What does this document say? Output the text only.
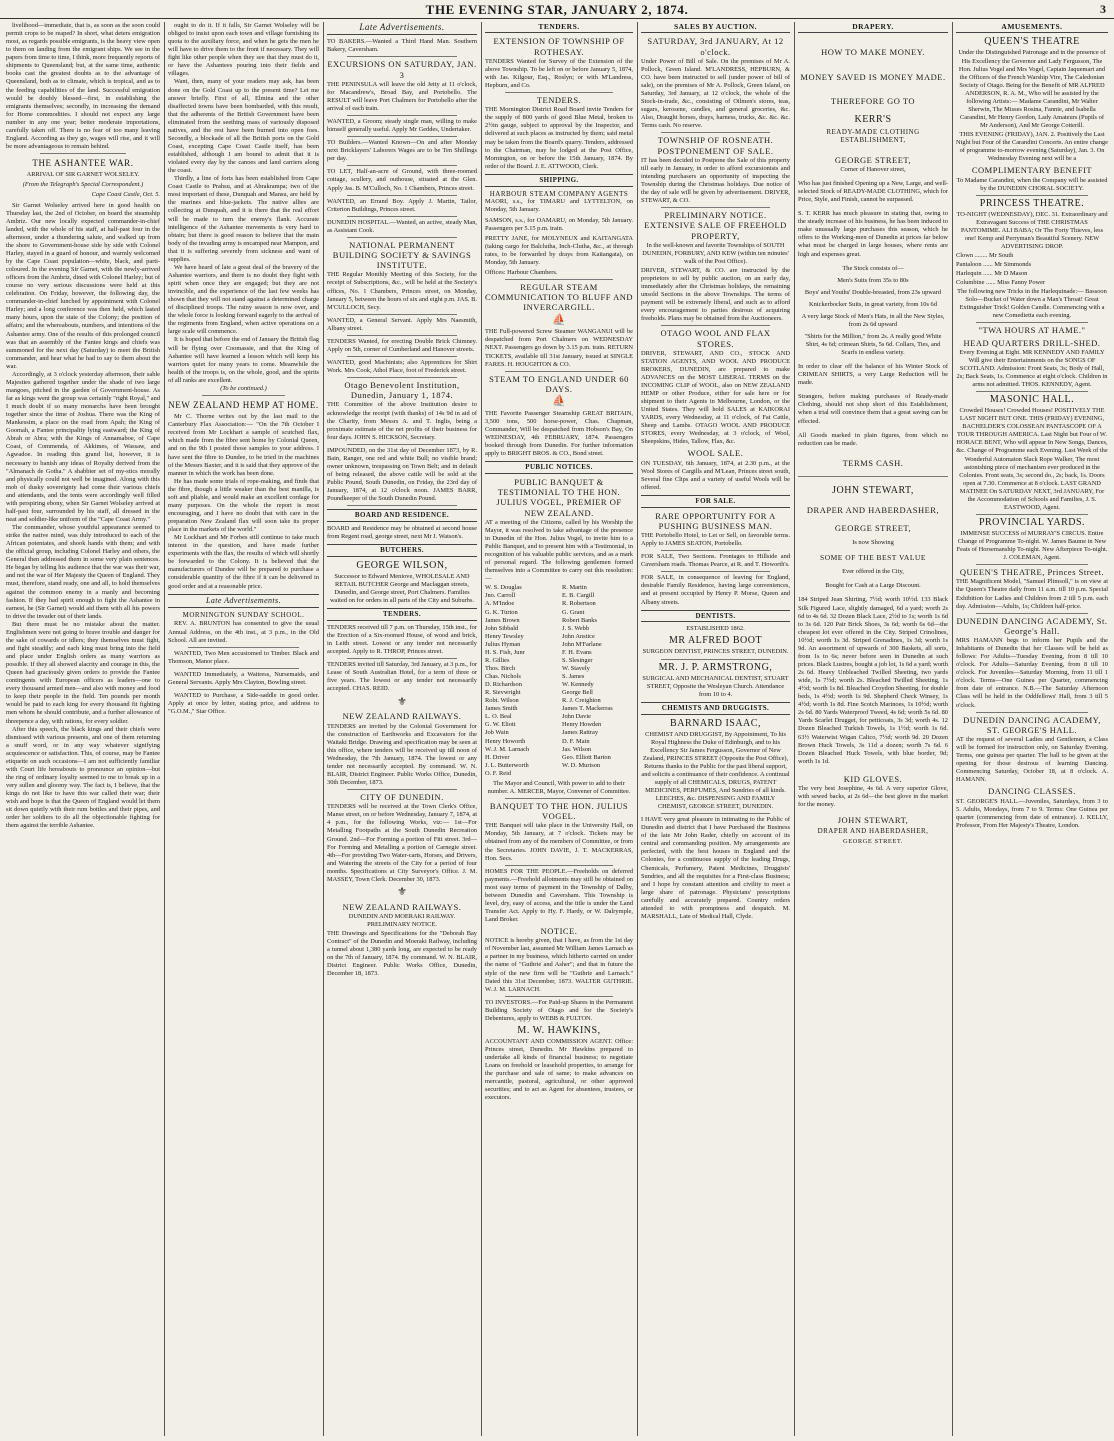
THE EVENING STAR, JANUARY 2, 1874.	3

livelihood—immediate, that is, as soon as the soon could permit crops to be reaped? In short, what deters emigration most, as regards possible emigrants, is the heavy view open to them on landing from the emigrant ships. We see in the papers from time to time, I think, more frequently reports of shipments to Queensland; but, at the same time, authentic books cast the greatest doubts as to the advantage of Queensland, both as to climate, which is tropical, and as to the feeding capabilities of the land. Successful emigration would be doubly blessed—first, in establishing the emigrants themselves; secondly, in increasing the demand for Home commodities. I should not expect any large number in any one year; better moderate importations, carefully taken off. There is no fear of too many leaving England. According as they go, wages will rise, and it will be more advantageous to remain behind.

THE ASHANTEE WAR.

ARRIVAL OF SIR GARNET WOLSELEY.

(From the Telegraph's Special Correspondent.)

Cape Coast Castle, Oct. 5.

Sir Garnet Wolseley arrived here in good health on Thursday last, the 2nd of October, on board the steamship Ambriz. Our new locally expected commander-in-chief landed, with the whole of his staff, at half-past four in the afternoon, under a thundering salute, and walked up from the shore to Government-house side by side with Colonel Harley, stayed in a guard of honour, and warmly welcomed by the Cape Coast population—white, black, and parti-coloured. In the evening Sir Garnet, with the newly-arrived officers from the Ambriz, dined with Colonel Harley; but of course no very serious discussions were held at this celebration. On Friday, however, the following day, the commander-in-chief lunched by appointment with Colonel Harley; and a long conference was then held, which lasted many hours, upon the state of the Colony; the position of affairs; and the whereabouts, numbers, and intentions of the Ashantee army. One of the results of this prolonged council was that an assembly of the Fantee kings and chiefs was summoned for the next day (Saturday) to meet the British commander, and hear what he had to say to them about the war.

Accordingly, at 3 o'clock yesterday afternoon, their sable Majesties gathered together under the shade of two large mangoes, pitched in the garden of Government-house. As far as kings went the group was certainly "right Royal," and I much doubt if so many monarchs have been brought together since the time of Joshua. There was the King of Mankessim, a place on the road from Apah; the King of Goomah, a Fantee principality lying eastward; the King of Abrah or Abra; with the Kings of Annamaboe, of Cape Coast, of Commenda, of Akkimes, of Wassaw, and Agwadoe. In reading this grand list, however, it is necessary to banish any ideas of Royalty derived from the "Almanach de Gotha." A shabbier set of my-stics morally and physically could not well be imagined. Along with this mob of dusky sovereignty had come their various chiefs and attendants, and the tents were accordingly well filled with perspiring ebony, when Sir Garnet Wolseley arrived at half-past four, surrounded by his staff, all dressed in the neat and soldier-like uniform of the "Cape Coast Army."

The commander, whose youthful appearance seemed to strike the native mind, was duly introduced to each of the African potentates, and shook hands with them; and with the official group, including Colonel Harley and others, the General then addressed them in some very plain sentences. He began by telling his audience that the war was their war, and not the war of Her Majesty the Queen of England. They must, therefore, stand ready, one and all, to hold themselves against the common enemy in a manly and becoming fashion. If they had spirit enough to fight the Ashantee in earnest, he (Sir Garnet) would aid them with all his powers to drive the invader out of their lands.

But there must be no mistake about the matter. Englishmen were not going to brave trouble and danger for the sake of cowards or idlers; they themselves must fight, and fight steadily; and each king must bring into the field and place under English orders as many warriors as possible. If they all showed alacrity and courage in this, the Queen had graciously given orders to provide the Fantee contingents with European officers as leaders—one to every thousand armed men—and also with money and food to keep their people in the field. Ten pounds per month would be paid to each king for every thousand fit fighting men whom he should contribute, and a further allowance of threepence a day, with rations, for every soldier.

After this speech, the black kings and their chiefs were dismissed with various presents, and one of them returning a snuff word, or in any way whatever signifying acquiescence or satisfaction. This, of course, may be Fantee etiquette on such occasions—I am not sufficiently familiar with Court life hereabouts to pronounce an opinion—but the ring of ordinary loyalty seemed to me to break up in a very sullen and gloomy way. The fact is, I believe, that the kings do not like to have this war called their war; their wish and hope is that the Queen of England would let them sit down quietly with their rum bottles and their pipes, and order her soldiers to do all the objectionable fighting for them against the terrible Ashantee.

ought to do it. If it falls, Sir Garnet Wolseley will be obliged to insist upon each town and village furnishing its quota to the auxiliary force, and when he gets the men he will have to drive them to the front if necessary. They will fight like other people when they see that they must do it, or have the Ashantees pouring into their fields and villages.

Want, then, many of your readers may ask, has been done on the Gold Coast up to the present time? Let me answer briefly. First of all, Elmina and the other disaffected towns have been bombarded, with this result, that the adherents of the British Government have been eliminated from the seething mass of variously disposed natives, and the rest have been burned into open foes. Secondly, a blockade of all the British ports on the Gold Coast, excepting Cape Coast Castle itself, has been established, although I am bound to admit that it is violated every day by the canoes and land carriers along the coast.

Thirdly, a line of forts has been established from Cape Coast Castle to Prahsu, and at Abrakrampa; two of the most important of these, Dunquah and Mansu, are held by the marines and blue-jackets. The native allies are collecting at Dunquah, and it is there that the real effort will be made to turn the enemy's flank. Accurate intelligence of the Ashantee movements is very hard to obtain; but there is good reason to believe that the main body of the invading army is encamped near Mampon, and that it is suffering severely from sickness and want of supplies.

We have heard of late a great deal of the bravery of the Ashantee warriors, and there is no doubt they fight with spirit when once they are engaged; but they are not invincible, and the experience of the last few weeks has shown that they will not stand against a determined charge of disciplined troops. The rainy season is now over, and the whole force is looking forward eagerly to the arrival of the regiments from England, when active operations on a large scale will commence.

It is hoped that before the end of January the British flag will be flying over Coomassie, and that the King of Ashantee will have learned a lesson which will keep his warriors quiet for many years to come. Meanwhile the health of the troops is, on the whole, good, and the spirits of all ranks are excellent.

(To be continued.)

NEW ZEALAND HEMP AT HOME.

Mr C. Thorne writes out by the last mail to the Canterbury Flax Association:— "On the 7th October I received from Mr Lockhart a sample of scutched flax, which made from the fibre sent home by Colonial Queen, and on the 9th I posted those samples to your address. I have sent the fibre to Dundee, to be tried in the machines of the Messrs Baxter, and it is said that they approve of the manner in which the work has been done.

He has made some trials of rope-making, and finds that the fibre, though a little weaker than the best manilla, is soft and pliable, and would make an excellent cordage for many purposes. On the whole the report is most encouraging, and I have no doubt that with care in the preparation New Zealand flax will soon take its proper place in the markets of the world."

Mr Lockhart and Mr Forbes still continue to take much interest in the question, and have made further experiments with the flax, the results of which will shortly be forwarded to the Colony. It is believed that the manufacturers of Dundee will be prepared to purchase a considerable quantity of the fibre if it can be delivered in good order and at a reasonable price.

Late Advertisements.
MORNINGTON SUNDAY SCHOOL.

REV. A. BRUNTON has consented to give the usual Annual Address, on the 4th inst., at 3 p.m., in the Old School. All are invited.

WANTED, Two Men accustomed to Timber. Black and Thomson, Manor place.

WANTED Immediately, a Waitress, Nursemaids, and General Servants. Apply Mrs Clayton, Bowling street.

WANTED to Purchase, a Side-saddle in good order. Apply at once by letter, stating price, and address to "G.O.M.," Star Office.

Late Advertisements.

TO BAKERS.—Wanted a Third Hand Man. Southern Bakery, Caversham.

EXCURSIONS ON SATURDAY, JAN. 3

THE PENINSULA will leave the old Jetty at 11 o'clock, for Macandrew's, Broad Bay, and Portobello. The RESULT will leave Port Chalmers for Portobello after the arrival of each train.

WANTED, a Groom; steady single man, willing to make himself generally useful. Apply Mr Geddes, Undertaker.

TO Builders.—Wanted Known—On and after Monday next Bricklayers' Laborers Wages are to be Ten Shillings per day.

TO LET, Half-an-acre of Ground, with three-roomed cottage, scullery, and outhouse, situated at the Glen. Apply Jas. B. M'Culloch, No. 1 Chambers, Princes street.

WANTED, an Errand Boy. Apply J. Martin, Tailor, Criterion Buildings, Princes street.

DUNEDIN HOSPITAL.—Wanted, an active, steady Man, as Assistant Cook.

NATIONAL PERMANENT BUILDING SOCIETY & SAVINGS INSTITUTE.

THE Regular Monthly Meeting of this Society, for the receipt of Subscriptions, &c., will be held at the Society's offices, No. 1 Chambers, Princes street, on Monday, January 5, between the hours of six and eight p.m. JAS. B. M'CULLOCH, Secy.

WANTED, a General Servant. Apply Mrs Naesmith, Albany street.

TENDERS Wanted, for erecting Double Brick Chimney. Apply on 5th, corner of Cumberland and Hanover streets.

WANTED, good Machinists; also Apprentices for Shirt Work. Mrs Cook, Athol Place, foot of Frederick street.

Otago Benevolent Institution, Dunedin, January 1, 1874.

THE Committee of the above Institution desire to acknowledge the receipt (with thanks) of 14s 9d in aid of the Charity, from Messrs A. and T. Inglis, being a proximate estimate of the net profits of their business for four days. JOHN S. HICKSON, Secretary.

IMPOUNDED, on the 31st day of December 1873, by R. Bain, Ranger, one red and white Bull; no visible brand; owner unknown, trespassing on Town Belt; and in default of being released, the above cattle will be sold at the Public Pound, South Dunedin, on Friday, the 23rd day of January, 1874, at 12 o'clock noon. JAMES BARR, Poundkeeper of the South Dunedin Pound.

BOARD AND RESIDENCE.

BOARD and Residence may be obtained at second house from Regent road, george street, next Mr J. Watson's.

BUTCHERS.
GEORGE WILSON,

Successor to Edward Meniove, WHOLESALE AND RETAIL BUTCHER George and Maclaggan streets, Dunedin, and George street, Port Chalmers. Families waited on for orders in all parts of the City and Suburbs.

TENDERS.

TENDERS received till 7 p.m. on Thursday, 15th inst., for the Erection of a Six-roomed House, of wood and brick, in Leith street. Lowest or any tender not necessarily accepted. Apply to R. THROP, Princes street.

TENDERS invited till Saturday, 3rd January, at 3 p.m., for Lease of South Australian Hotel, for a term of three or five years. The lowest or any tender not necessarily accepted. CHAS. REID.

⚜
NEW ZEALAND RAILWAYS.

TENDERS are invited by the Colonial Government for the construction of Earthworks and Excavators for the Waitaki Bridge. Drawing and specification may be seen at this office, where tenders will be received up till noon of Wednesday, the 7th January, 1874. The lowest or any tender not necessarily accepted. By command. W. N. BLAIR, District Engineer. Public Works Office, Dunedin, 30th December, 1873.

CITY OF DUNEDIN.

TENDERS will be received at the Town Clerk's Office, Manse street, on or before Wednesday, January 7, 1874, at 4 p.m., for the following Works, viz:— 1st—For Metalling Footpaths at the South Dunedin Recreation Ground. 2nd—For Forming a portion of Fitt street. 3rd—For Forming and Metalling a portion of Carnegie street. 4th—For providing Two Water-carts, Horses, and Drivers, and Watering the streets of the City for a period of four months. Specifications at City Surveyor's Office. J. M. MASSEY, Town Clerk. December 30, 1873.

⚜
NEW ZEALAND RAILWAYS.

DUNEDIN AND MOERAKI RAILWAY. PRELIMINARY NOTICE.

THE Drawings and Specifications for the "Deborah Bay Contract" of the Dunedin and Moeraki Railway, including a tunnel about 1,380 yards long, are expected to be ready on the 7th of January, 1874. By command. W. N. BLAIR, District Engineer. Public Works Office, Dunedin, December 18, 1873.

TENDERS.
EXTENSION OF TOWNSHIP OF ROTHESAY.

TENDERS Wanted for Survey of the Extension of the above Township. To be left on or before January 5, 1874, with Jas. Kilgour, Esq., Roslyn; or with M'Landress, Hepburn, and Co.

TENDERS.

THE Mornington District Road Board invite Tenders for the supply of 800 yards of good Blue Metal, broken to 2½in gauge, subject to approval by the Inspector, and delivered at such places as instructed by them; said metal may be taken from the Board's quarry. Tenders, addressed to the Chairman, may be lodged at the Post Office, Mornington, on or before the 15th January, 1874. By order of the Board. J. E. ATTWOOD, Clerk.

SHIPPING.
HARBOUR STEAM COMPANY AGENTS

MAORI, s.s., for TIMARU and LYTTELTON, on Monday, 5th January.

SAMSON, s.s., for OAMARU, on Monday, 5th January. Passengers per 5.15 p.m. train.

PRETTY JANE, for MOLYNEUX and KAITANGATA (taking cargo for Balclutha, Inch-Clutha, &c., at through rates, to be forwarded by drays from Kaitangata), on Monday, 5th January.

Offices: Harbour Chambers.

REGULAR STEAM COMMUNICATION TO BLUFF AND INVERCARGILL.
⛵

THE Full-powered Screw Steamer WANGANUI will be despatched from Port Chalmers on WEDNESDAY NEXT. Passengers go down by 3.15 p.m. train. RETURN TICKETS, available till 31st January, issued at SINGLE FARES. H. HOUGHTON & CO.

STEAM TO ENGLAND UNDER 60 DAYS.
⛵

THE Favorite Passenger Steamship GREAT BRITAIN, 3,500 tons, 500 horse-power, Chas. Chapman, Commander, Will be despatched from Hobson's Bay, On WEDNESDAY, 4th FEBRUARY, 1874. Passengers booked through from Dunedin. For further information apply to BRIGHT BROS. & CO., Bond street.

PUBLIC NOTICES.
PUBLIC BANQUET & TESTIMONIAL TO THE HON. JULIUS VOGEL, PREMIER OF NEW ZEALAND.

AT a meeting of the Citizens, called by his Worship the Mayor, it was resolved to take advantage of the presence in Dunedin of the Hon. Julius Vogel, to invite him to a Public Banquet, and to present him with a Testimonial, in recognition of his valuable public services, and as a mark of personal regard. The following gentlemen formed themselves into a Committee to carry out this resolution:—

W. S. Douglas
Jno. Carroll
A. M'Indoe
G. K. Turton
James Brown
John Sibbald
Henry Tewsley
Julius Hyman
H. S. Fish, Junr
R. Gillies
Thos. Birch
Chas. Nichols
D. Richardson
R. Sievwright
Robt. Wilson
James Smith
L. O. Beal
G. W. Eliott
Job Wain
Henry Howorth
W. J. M. Larnach
H. Driver
J. L. Butterworth
O. F. Reid
R. Martin
E. B. Cargill
R. Robertson
G. Grant
Robert Banks
J. S. Webb
John Anstice
John M'Farlane
F. H. Evans
S. Slesinger
W. Stavely
S. James
W. Kennedy
George Bell
R. J. Creighton
James T. Mackerras
John Davie
Henry Howden
James Rattray
D. F. Main
Jas. Wilson
Geo. Elliott Barton
W. D. Murison

The Mayor and Council, With power to add to their number. A. MERCER, Mayor, Convener of Committee.

BANQUET TO THE HON. JULIUS VOGEL.

THE Banquet will take place in the University Hall, on Monday, 5th January, at 7 o'clock. Tickets may be obtained from any of the members of Committee, or from the Secretaries. JOHN DAVIE, J. T. MACKERRAS, Hon. Secs.

HOMES FOR THE PEOPLE.—Freeholds on deferred payments.—Freehold allotments may still be obtained on most easy terms of payment in the Township of Dalby, between Dunedin and Caversham. This Township is level, dry, easy of access, and the title is under the Land Transfer Act. Apply to Hy. F. Hardy, or W. Dalrymple, Land Broker.

NOTICE.

NOTICE is hereby given, that I have, as from the 1st day of November last, assumed Mr William James Larnach as a partner in my business, which hitherto carried on under the name of "Guthrie and Asher"; and that in future the style of the new firm will be "Guthrie and Larnach." Dated this 31st December, 1873. WALTER GUTHRIE. W. J. M. LARNACH.

TO INVESTORS.—For Paid-up Shares in the Permanent Building Society of Otago and for the Society's Debentures, apply to WEBB & FULTON.

M. W. HAWKINS,

ACCOUNTANT AND COMMISSION AGENT. Office: Princes street, Dunedin. Mr Hawkins prepared to undertake all kinds of financial business; to negotiate Loans on freehold or leasehold properties, to arrange for the purchase and sale of same; to make advances on mercantile, pastoral, agricultural, or other approved securities; and to act as Agent for absentees, trustees, or executors.

SALES BY AUCTION.
SATURDAY, 3rd JANUARY, At 12 o'clock.

Under Power of Bill of Sale. On the premises of Mr A. Pollock, Green Island. M'LANDRESS, HEPBURN, & CO. have been instructed to sell (under power of bill of sale), on the premises of Mr A. Pollock, Green Island, on Saturday, 3rd January, at 12 o'clock, the whole of the Stock-in-trade, &c., consisting of Oilmen's stores, teas, sugars, kerosene, candles, and general groceries, &c. Also, Draught horses, drays, harness, trucks, &c. &c. &c. Terms cash. No reserve.

TOWNSHIP OF ROSNEATH. POSTPONEMENT OF SALE.

IT has been decided to Postpone the Sale of this property till early in January, in order to afford excursionists and intending purchasers an opportunity of inspecting the Township during the Christmas holidays. Due notice of the day of sale will be given by advertisement. DRIVER, STEWART, & CO.

PRELIMINARY NOTICE. EXTENSIVE SALE OF FREEHOLD PROPERTY,

In the well-known and favorite Townships of SOUTH DUNEDIN, FORBURY, AND KEW (within ten minutes' walk of the Post Office).

DRIVER, STEWART, & CO. are instructed by the proprietors to sell by public auction, on an early day, immediately after the Christmas holidays, the remaining unsold Sections in the above Townships. The terms of payment will be extremely liberal, and such as to afford every encouragement to parties desirous of acquiring freeholds. Plans may be obtained from the Auctioneers.

OTAGO WOOL AND FLAX STORES.

DRIVER, STEWART, AND CO., STOCK AND STATION AGENTS, AND WOOL AND PRODUCE BROKERS, DUNEDIN, are prepared to make ADVANCES on the MOST LIBERAL TERMS on the INCOMING CLIP of WOOL, also on NEW ZEALAND HEMP or other Produce, either for sale here or for shipment to their Agents in Melbourne, London, or the United States. They will hold SALES at KAIKORAI YARDS, every Wednesday, at 11 o'clock, of Fat Cattle, Sheep and Lambs. OTAGO WOOL AND PRODUCE STORES, every Wednesday, at 3 o'clock, of Wool, Sheepskins, Hides, Tallow, Flax, &c.

WOOL SALE.

ON TUESDAY, 6th January, 1874, at 2.30 p.m., at the Wool Stores of Cargills and M'Lean, Princes street south, Several fine Clips and a variety of useful Wools will be offered.

FOR SALE.
RARE OPPORTUNITY FOR A PUSHING BUSINESS MAN.

THE Portobello Hotel, to Let or Sell, on favorable terms. Apply to JAMES SEATON, Portobello.

FOR SALE, Two Sections. Frontages to Hillside and Caversham roads. Thomas Pearce, at R. and T. Howorth's.

FOR SALE, in consequence of leaving for England, desirable Family Residence, having large conveniences, and at present occupied by Henry P. Morse, Queen and Albany streets.

DENTISTS.

ESTABLISHED 1862.

MR ALFRED BOOT

SURGEON DENTIST, PRINCES STREET, DUNEDIN.

MR. J. P. ARMSTRONG,

SURGICAL AND MECHANICAL DENTIST, STUART STREET, Opposite the Wesleyan Church. Attendance from 10 to 4.

CHEMISTS AND DRUGGISTS.
BARNARD ISAAC,

CHEMIST AND DRUGGIST, By Appointment, To his Royal Highness the Duke of Edinburgh, and to his Excellency Sir James Fergusson, Governor of New Zealand, PRINCES STREET (Opposite the Post Office), Returns thanks to the Public for the past liberal support, and solicits a continuance of their confidence. A continual supply of all CHEMICALS, DRUGS, PATENT MEDICINES, PERFUMES, And Sundries of all kinds. LEECHES, &c. DISPENSING AND FAMILY CHEMIST, GEORGE STREET, DUNEDIN.

I HAVE very great pleasure in intimating to the Public of Dunedin and district that I have Purchased the Business of the late Mr John Rader, chiefly on account of its central and commanding position. My arrangements are perfected, with the best houses in England and the Colonies, for a continuous supply of the leading Drugs, Chemicals, Perfumery, Patent Medicines, Druggists' Sundries, and all the requisites for a First-class Business; and I hope by constant attention and civility to meet a large share of patronage. Physicians' prescriptions carefully and accurately prepared. Country orders attended to with promptness and despatch. M. MARSHALL, Late of Medical Hall, Clyde.

DRAPERY.
HOW TO MAKE MONEY.
MONEY SAVED IS MONEY MADE.
THEREFORE GO TO
KERR'S
READY-MADE CLOTHING ESTABLISHMENT,
GEORGE STREET,

Corner of Hanover street,

Who has just finished Opening up a New, Large, and well-selected Stock of READY-MADE CLOTHING, which for Price, Style, and Finish, cannot be surpassed.

S. T. KERR has much pleasure in stating that, owing to the steady increase of his business, he has been induced to make unusually large purchases this season, which he offers to the Working-men of Dunedin at prices far below what must be charged in large houses, where rents are high and expenses great.

The Stock consists of—

Men's Suits from 35s to 80s

Boys' and Youths' Double-breasted, from 23s upward

Knickerbocker Suits, in great variety, from 10s 6d

A very large Stock of Men's Hats, in all the New Styles, from 2s 6d upward

"Shirts for the Million," from 2s. A really good White Shirt, 4s 6d; crimean Shirts, 5s 6d. Collars, Ties, and Scarfs in endless variety.

In order to clear off the balance of his Winter Stock of CRIMEAN SHIRTS, a very Large Reduction will be made.

Strangers, before making purchases of Ready-made Clothing, should not shop short of this Establishment, when a trial will convince them that a great saving can be effected.

All Goods marked in plain figures, from which no reduction can be made.

TERMS CASH.
JOHN STEWART,
DRAPER AND HABERDASHER,
GEORGE STREET,

Is now Showing

SOME OF THE BEST VALUE

Ever offered in the City,

Bought for Cash at a Large Discount.

184 Striped Jean Shirting, 7½d; worth 10½d. 133 Black Silk Figured Lace, slightly damaged, 6d a yard; worth 2s 6d to 4s 6d. 32 Dozen Black Lace, 2½d to 1s; worth 1s 6d to 3s 6d. 120 Pair Brick Shoes, 3s 6d; worth 6s 6d—the cheapest lot ever offered in the City. Striped Crinolines, 10½d; worth 1s 3d. Striped Grenadines, 1s 3d; worth 1s 9d. An assortment of upwards of 300 Baskets, all sorts, from 1s to 6s; never before seen in Dunedin at such prices. Black Lustres, bought a job lot, 1s 6d a yard; worth 2s 6d. Heavy Unbleached Twilled Sheeting, two yards wide, 1s 7½d; worth 2s. Bleached Twilled Sheeting, 1s 4½d; worth 1s 8d. Bleached Croydon Sheeting, for double beds, 1s 4½d; worth 1s 9d. Shepherd Check Winsey, 1s 4½d; worth 1s 8d. Fine Scotch Marinoes, 1s 10½d; worth 2s 6d. 80 Yards Waterproof Tweed, 4s 6d; worth 5s 6d. 80 Yards Scarlet Drugget, for petticoats, 3s 3d; worth 4s. 12 Dozen Bleached Turkish Towels, 1s 1½d; worth 1s 6d. 63½ Waterwist Wigan Calico, 7½d; worth 9d. 20 Dozen Brown Huck Towels, 3s 11d a dozen; worth 7s 6d. 6 Dozen Bleached Huck Towels, with blue border, 9d; worth 1s 1d.

KID GLOVES.

The very best Josephine, 4s 6d. A very superior Glove, with sewed backs, at 2s 6d—the best glove in the market for the money.

JOHN STEWART,
DRAPER AND HABERDASHER,
GEORGE STREET.
AMUSEMENTS.
QUEEN'S THEATRE

Under the Distinguished Patronage and in the presence of His Excellency the Governor and Lady Fergusson, The Hon. Julius Vogel and Mrs Vogel, Captain Jaquemart and the Officers of the French Warship Vire, The Caledonian Society of Otago. Being for the Benefit of MR ALFRED ANDERSON, R. A. M., Who will be assisted by the following Artists:— Madame Carandini, Mr Walter Sherwin, The Misses Rosina, Fannie, and Isabella Carandini, Mr Henry Gordon, Lady Amateurs (Pupils of Mr Anderson), And Mr George Cotterill.

THIS EVENING (FRIDAY), JAN. 2. Positively the Last Night but Four of the Carandini Concerts. An entire change of programme to-morrow evening (Saturday), Jan. 3. On Wednesday Evening next will be a

COMPLIMENTARY BENEFIT

To Madame Carandini, when the Company will be assisted by the DUNEDIN CHORAL SOCIETY.

PRINCESS THEATRE.

TO-NIGHT (WEDNESDAY), DEC. 31. Extraordinary and Extravagant Success of THE CHRISTMAS PANTOMIME. ALI BABA; Or The Forty Thieves, less one! Kemp and Perryman's Beautiful Scenery. NEW ADVERTISING DROP.

Clown ........ Mr South

Pantaloon ...... Mr Simmonds

Harlequin ...... Mr D Mason

Columbine ...... Miss Fanny Power

The following new Tricks in the Harlequinade:— Bassoon Solo—Bucket of Water down a Man's Throat! Great Extinguisher Trick! Golden Candle. Commencing with a new Comedietta each evening.

"TWA HOURS AT HAME."
HEAD QUARTERS DRILL-SHED.

Every Evening at Eight. MR KENNEDY AND FAMILY Will give their Entertainments on the SONGS OF SCOTLAND. Admission: Front Seats, 3s; Body of Hall, 2s; Back Seats, 1s. Commence at eight o'clock. Children in arms not admitted. THOS. KENNEDY, Agent.

MASONIC HALL.

Crowded Houses! Crowded Houses! POSITIVELY THE LAST NIGHT BUT ONE. THIS (FRIDAY) EVENING, BACHELDER'S COLOSSEAN PANTASCOPE OF A TOUR THROUGH AMERICA. Last Night but Four of W. HORACE BENT, Who will appear In New Songs, Dances, &c. Change of Programme each Evening. Last Week of the Wonderful Automaton Slack Rope Walker, The most astonishing piece of mechanism ever produced in the Colonies. Front seats, 3s; second do., 2s; back, 1s. Doors open at 7.30. Commence at 8 o'clock. LAST GRAND MATINEE On SATURDAY NEXT, 3rd JANUARY, For the Accommodation of Schools and Families, J. S. EASTWOOD, Agent.

PROVINCIAL YARDS.

IMMENSE SUCCESS of MURRAY'S CIRCUS. Entire Change of Programme To-night. W. James Baume in New Feats of Horsemanship To-night. New Afterpiece To-night. J. COLEMAN, Agent.

QUEEN'S THEATRE, Princes Street.

THE Magnificent Model, "Samuel Plimsoll," is on view at the Queen's Theatre daily from 11 a.m. till 10 p.m. Special Exhibition for Ladies and Children from 2 till 5 p.m. each day. Admission—Adults, 1s; Children half-price.

DUNEDIN DANCING ACADEMY, St. George's Hall.

MRS HAMANN begs to inform her Pupils and the Inhabitants of Dunedin that her Classes will be held as follows: For Adults—Tuesday Evening, from 8 till 10 o'clock. For Adults—Saturday Evening, from 8 till 10 o'clock. For Juveniles—Saturday Morning, from 11 till 1 o'clock. Terms—One Guinea per Quarter, commencing from date of entrance. N.B.—The Saturday Afternoon Class will be held in the Oddfellows' Hall, from 3 till 5 o'clock.

DUNEDIN DANCING ACADEMY, ST. GEORGE'S HALL.

AT the request of several Ladies and Gentlemen, a Class will be formed for instruction only, on Saturday Evening. Terms, one guinea per quarter. The ball to be given at the opening for those desirous of learning Dancing. Commencing Saturday, October 18, at 8 o'clock. A. HAMANN.

DANCING CLASSES.

ST. GEORGE'S HALL.—Juveniles, Saturdays, from 3 to 5. Adults, Mondays, from 7 to 9. Terms: One Guinea per quarter (commencing from date of entrance). J. KELLY, Professor, From Her Majesty's Theatre, London.
